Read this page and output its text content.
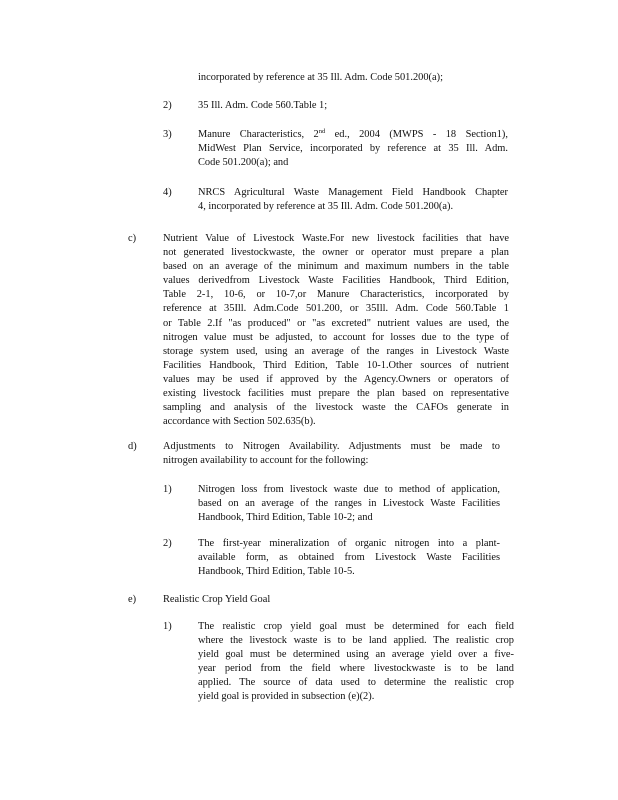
incorporated by reference at 35 Ill. Adm. Code 501.200(a);
2)	35 Ill. Adm. Code 560.Table 1;
3)	Manure Characteristics, 2nd ed., 2004 (MWPS - 18 Section1),
MidWest Plan Service, incorporated by reference at 35 Ill. Adm.
Code 501.200(a); and
4)	NRCS Agricultural Waste Management Field Handbook Chapter
4, incorporated by reference at 35 Ill. Adm. Code 501.200(a).
c)	Nutrient Value of Livestock Waste.For new livestock facilities that have
not generated livestockwaste, the owner or operator must prepare a plan
based on an average of the minimum and maximum numbers in the table
values derivedfrom Livestock Waste Facilities Handbook, Third Edition,
Table 2-1, 10-6, or 10-7,or Manure Characteristics, incorporated by
reference at 35Ill. Adm.Code 501.200, or 35Ill. Adm. Code 560.Table 1
or Table 2.If "as produced" or "as excreted" nutrient values are used, the
nitrogen value must be adjusted, to account for losses due to the type of
storage system used, using an average of the ranges in Livestock Waste
Facilities Handbook, Third Edition, Table 10-1.Other sources of nutrient
values may be used if approved by the Agency.Owners or operators of
existing livestock facilities must prepare the plan based on representative
sampling and analysis of the livestock waste the CAFOs generate in
accordance with Section 502.635(b).
d)	Adjustments to Nitrogen Availability. Adjustments must be made to
nitrogen availability to account for the following:
1)	Nitrogen loss from livestock waste due to method of application,
based on an average of the ranges in Livestock Waste Facilities
Handbook, Third Edition, Table 10-2; and
2)	The first-year mineralization of organic nitrogen into a plant-
available form, as obtained from Livestock Waste Facilities
Handbook, Third Edition, Table 10-5.
e)	Realistic Crop Yield Goal
1)	The realistic crop yield goal must be determined for each field
where the livestock waste is to be land applied. The realistic crop
yield goal must be determined using an average yield over a five-
year period from the field where livestockwaste is to be land
applied. The source of data used to determine the realistic crop
yield goal is provided in subsection (e)(2).
